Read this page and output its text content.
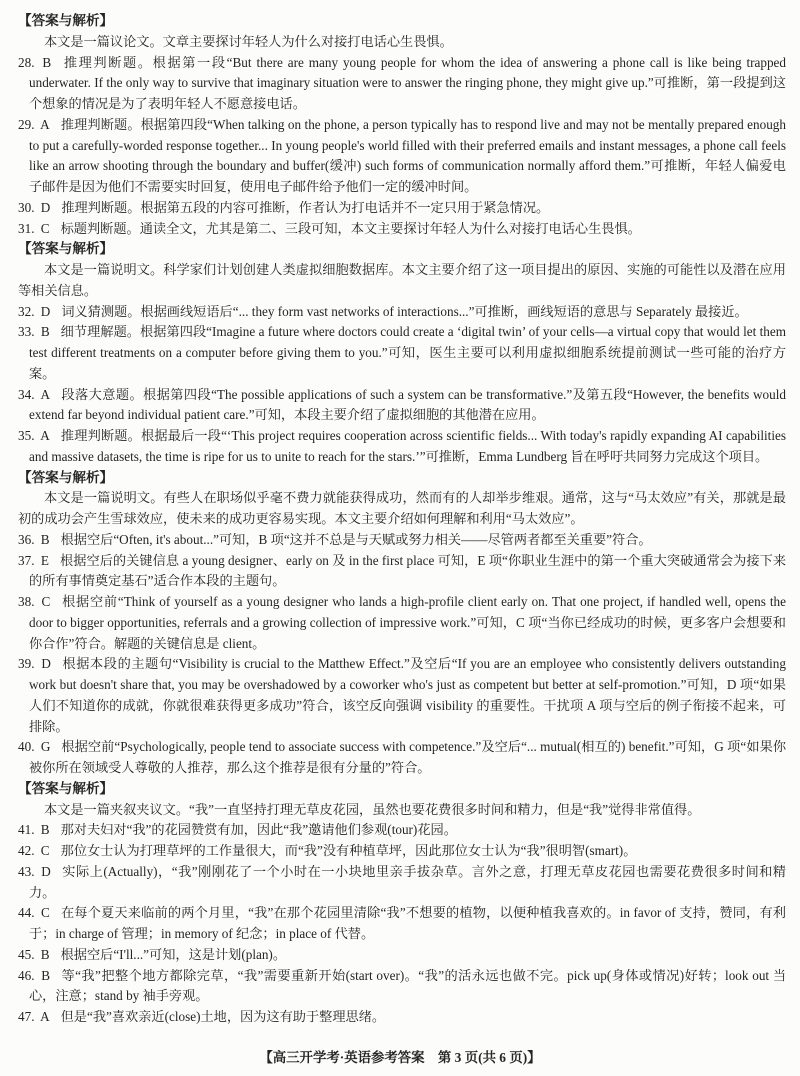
【答案与解析】

本文是一篇议论文。文章主要探讨年轻人为什么对接打电话心生畏惧。

28. B 推理判断题。根据第一段“But there are many young people for whom the idea of answering a phone call is like being trapped underwater. If the only way to survive that imaginary situation were to answer the ringing phone, they might give up.”可推断，第一段提到这个想象的情况是为了表明年轻人不愿意接电话。

29. A 推理判断题。根据第四段“When talking on the phone, a person typically has to respond live and may not be mentally prepared enough to put a carefully-worded response together... In young people's world filled with their preferred emails and instant messages, a phone call feels like an arrow shooting through the boundary and buffer(缓冲) such forms of communication normally afford them.”可推断，年轻人偏爱电子邮件是因为他们不需要实时回复，使用电子邮件给予他们一定的缓冲时间。

30. D 推理判断题。根据第五段的内容可推断，作者认为打电话并不一定只用于紧急情况。

31. C 标题判断题。通读全文，尤其是第二、三段可知，本文主要探讨年轻人为什么对接打电话心生畏惧。

【答案与解析】

本文是一篇说明文。科学家们计划创建人类虚拟细胞数据库。本文主要介绍了这一项目提出的原因、实施的可能性以及潜在应用等相关信息。

32. D 词义猜测题。根据画线短语后“... they form vast networks of interactions...”可推断，画线短语的意思与 Separately 最接近。

33. B 细节理解题。根据第四段“Imagine a future where doctors could create a ‘digital twin’ of your cells—a virtual copy that would let them test different treatments on a computer before giving them to you.”可知，医生主要可以利用虚拟细胞系统提前测试一些可能的治疗方案。

34. A 段落大意题。根据第四段“The possible applications of such a system can be transformative.”及第五段“However, the benefits would extend far beyond individual patient care.”可知，本段主要介绍了虚拟细胞的其他潜在应用。

35. A 推理判断题。根据最后一段“‘This project requires cooperation across scientific fields... With today's rapidly expanding AI capabilities and massive datasets, the time is ripe for us to unite to reach for the stars.’”可推断，Emma Lundberg 旨在呼吁共同努力完成这个项目。

【答案与解析】

本文是一篇说明文。有些人在职场似乎毫不费力就能获得成功，然而有的人却举步维艰。通常，这与“马太效应”有关，那就是最初的成功会产生雪球效应，使未来的成功更容易实现。本文主要介绍如何理解和利用“马太效应”。

36. B 根据空后“Often, it's about...”可知，B 项“这并不总是与天赋或努力相关——尽管两者都至关重要”符合。

37. E 根据空后的关键信息 a young designer、early on 及 in the first place 可知，E 项“你职业生涯中的第一个重大突破通常会为接下来的所有事情奠定基石”适合作本段的主题句。

38. C 根据空前“Think of yourself as a young designer who lands a high-profile client early on. That one project, if handled well, opens the door to bigger opportunities, referrals and a growing collection of impressive work.”可知，C 项“当你已经成功的时候，更多客户会想要和你合作”符合。解题的关键信息是 client。

39. D 根据本段的主题句“Visibility is crucial to the Matthew Effect.”及空后“If you are an employee who consistently delivers outstanding work but doesn't share that, you may be overshadowed by a coworker who's just as competent but better at self-promotion.”可知，D 项“如果人们不知道你的成就，你就很难获得更多成功”符合，该空反向强调 visibility 的重要性。干扰项 A 项与空后的例子衔接不起来，可排除。

40. G 根据空前“Psychologically, people tend to associate success with competence.”及空后“... mutual(相互的) benefit.”可知，G 项“如果你被你所在领域受人尊敬的人推荐，那么这个推荐是很有分量的”符合。

【答案与解析】

本文是一篇夹叙夹议文。“我”一直坚持打理无草皮花园，虽然也要花费很多时间和精力，但是“我”觉得非常值得。

41. B 那对夫妇对“我”的花园赞赏有加，因此“我”邀请他们参观(tour)花园。

42. C 那位女士认为打理草坪的工作量很大，而“我”没有种植草坪，因此那位女士认为“我”很明智(smart)。

43. D 实际上(Actually)，“我”刚刚花了一个小时在一小块地里亲手拔杂草。言外之意，打理无草皮花园也需要花费很多时间和精力。

44. C 在每个夏天来临前的两个月里，“我”在那个花园里清除“我”不想要的植物，以便种植我喜欢的。in favor of 支持，赞同，有利于；in charge of 管理；in memory of 纪念；in place of 代替。

45. B 根据空后“I'll...”可知，这是计划(plan)。

46. B 等“我”把整个地方都除完草，“我”需要重新开始(start over)。“我”的活永远也做不完。pick up(身体或情况)好转；look out 当心，注意；stand by 袖手旁观。

47. A 但是“我”喜欢亲近(close)土地，因为这有助于整理思绪。

【高三开学考·英语参考答案　第 3 页(共 6 页)】
